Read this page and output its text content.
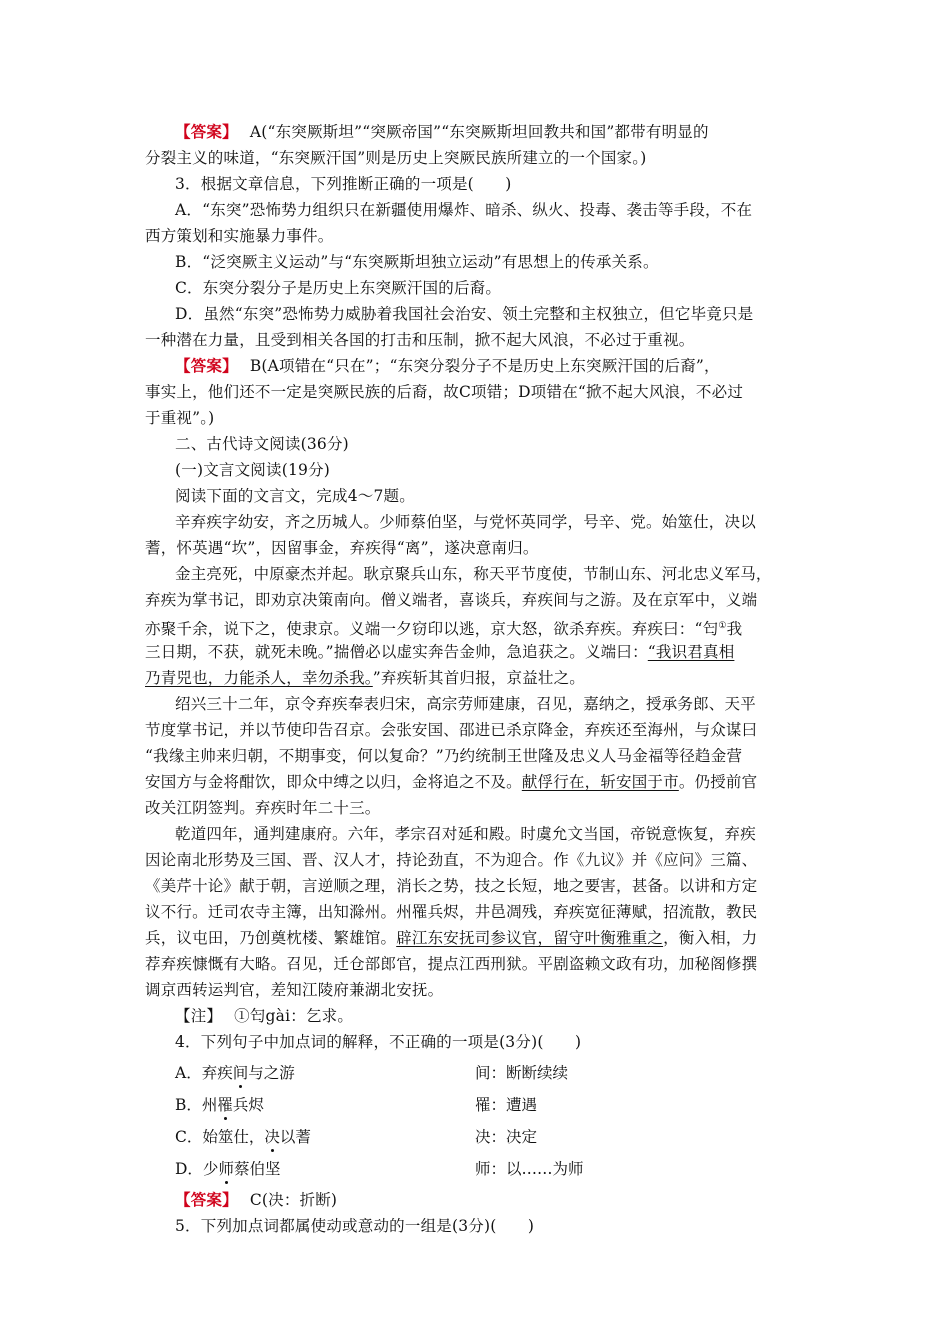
【答案】 A(“东突厥斯坦”“突厥帝国”“东突厥斯坦回教共和国”都带有明显的
分裂主义的味道，“东突厥汗国”则是历史上突厥民族所建立的一个国家。)
3．根据文章信息，下列推断正确的一项是(　　)
A．“东突”恐怖势力组织只在新疆使用爆炸、暗杀、纵火、投毒、袭击等手段，不在
西方策划和实施暴力事件。
B．“泛突厥主义运动”与“东突厥斯坦独立运动”有思想上的传承关系。
C．东突分裂分子是历史上东突厥汗国的后裔。
D．虽然“东突”恐怖势力威胁着我国社会治安、领土完整和主权独立，但它毕竟只是
一种潜在力量，且受到相关各国的打击和压制，掀不起大风浪，不必过于重视。
【答案】 B(A项错在“只在”；“东突分裂分子不是历史上东突厥汗国的后裔”，
事实上，他们还不一定是突厥民族的后裔，故C项错；D项错在“掀不起大风浪，不必过
于重视”。)
二、古代诗文阅读(36分)
(一)文言文阅读(19分)
阅读下面的文言文，完成4～7题。
辛弃疾字幼安，齐之历城人。少师蔡伯坚，与党怀英同学，号辛、党。始筮仕，决以
蓍，怀英遇“坎”，因留事金，弃疾得“离”，遂决意南归。
金主亮死，中原豪杰并起。耿京聚兵山东，称天平节度使，节制山东、河北忠义军马，
弃疾为掌书记，即劝京决策南向。僧义端者，喜谈兵，弃疾间与之游。及在京军中，义端
亦聚千余，说下之，使隶京。义端一夕窃印以逃，京大怒，欲杀弃疾。弃疾曰：“匄①我
三日期，不获，就死未晚。”揣僧必以虚实奔告金帅，急追获之。义端曰：“我识君真相
乃青兕也，力能杀人，幸勿杀我。”弃疾斩其首归报，京益壮之。
绍兴三十二年，京令弃疾奉表归宋，高宗劳师建康，召见，嘉纳之，授承务郎、天平
节度掌书记，并以节使印告召京。会张安国、邵进已杀京降金，弃疾还至海州，与众谋曰
“我缘主帅来归朝，不期事变，何以复命？”乃约统制王世隆及忠义人马金福等径趋金营
安国方与金将酣饮，即众中缚之以归，金将追之不及。献俘行在，斩安国于市。仍授前官
改关江阴签判。弃疾时年二十三。
乾道四年，通判建康府。六年，孝宗召对延和殿。时虞允文当国，帝锐意恢复，弃疾
因论南北形势及三国、晋、汉人才，持论劲直，不为迎合。作《九议》并《应问》三篇、
《美芹十论》献于朝，言逆顺之理，消长之势，技之长短，地之要害，甚备。以讲和方定
议不行。迁司农寺主簿，出知滁州。州罹兵烬，井邑凋残，弃疾宽征薄赋，招流散，教民
兵，议屯田，乃创奠枕楼、繁雄馆。辟江东安抚司参议官，留守叶衡雅重之，衡入相，力
荐弃疾慷慨有大略。召见，迁仓部郎官，提点江西刑狱。平剧盗赖文政有功，加秘阁修撰
调京西转运判官，差知江陵府兼湖北安抚。
【注】 ①匄gài：乞求。
4．下列句子中加点词的解释，不正确的一项是(3分)(　　)
A．弃疾间与之游	间：断断续续
B．州罹兵烬	罹：遭遇
C．始筮仕，决以蓍	决：决定
D．少师蔡伯坚	师：以……为师
【答案】 C(决：折断)
5．下列加点词都属使动或意动的一组是(3分)(　　)
